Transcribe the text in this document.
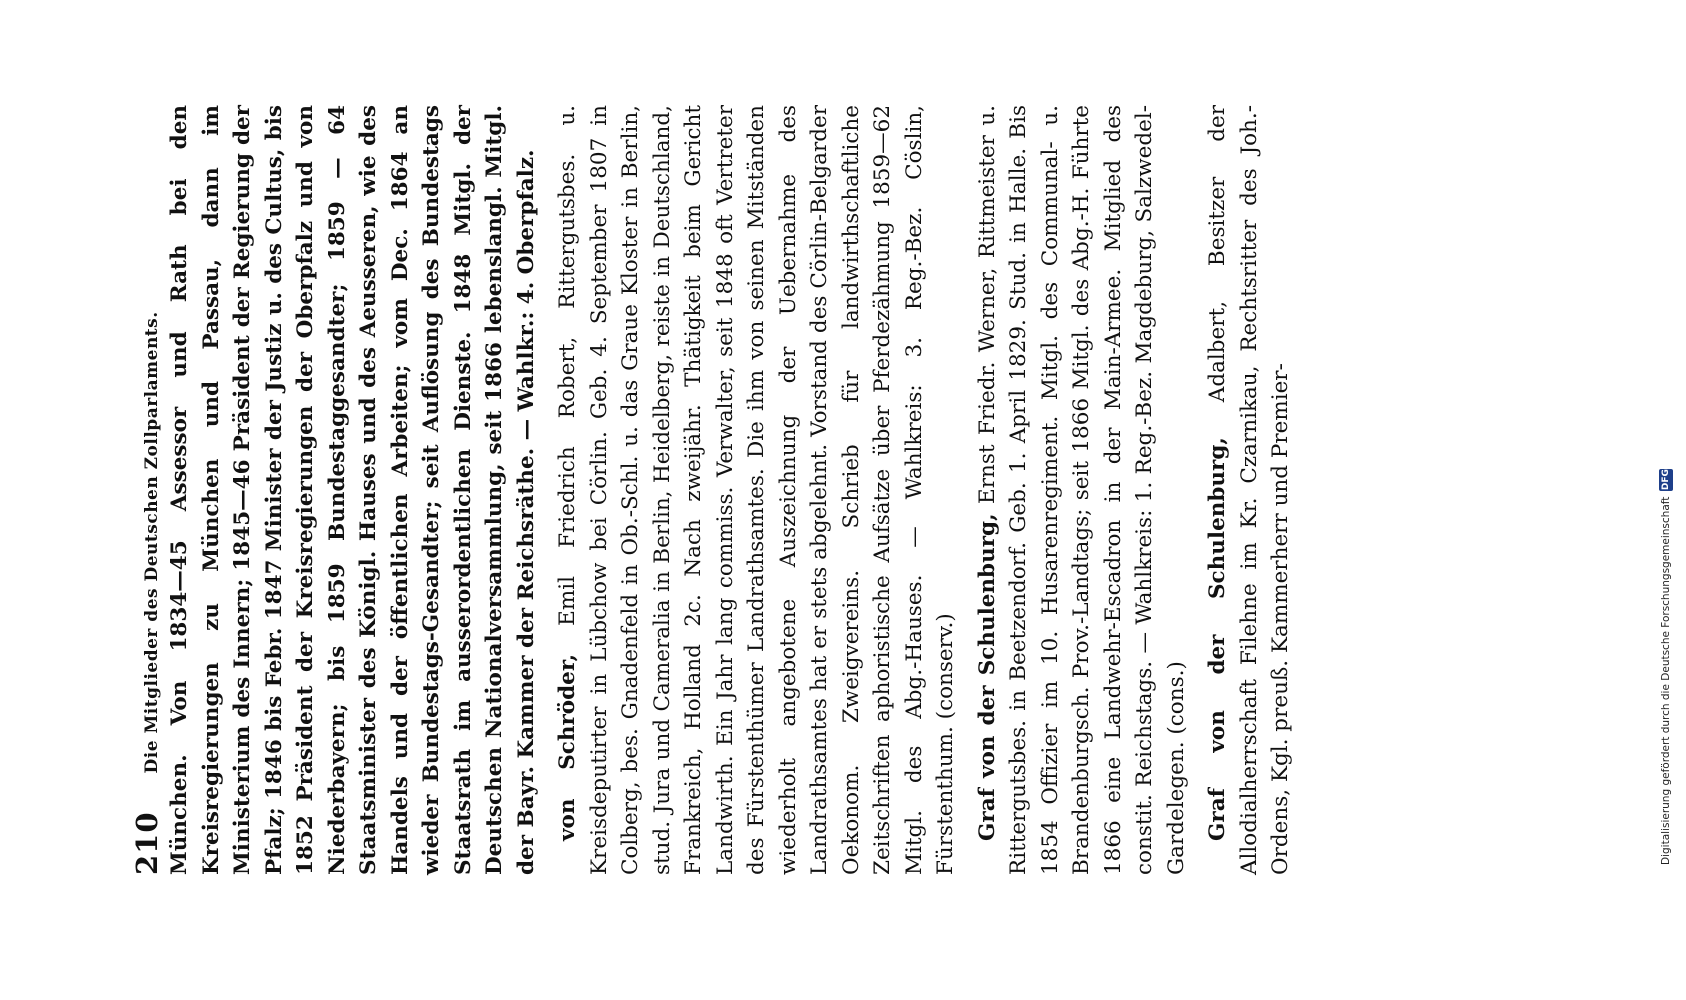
210
Die Mitglieder des Deutschen Zollparlaments. München. Von 1834—45 Assessor und Rath bei den Kreisregierungen zu München und Passau, dann im Ministerium des Innern; 1845—46 Präsident der Regierung der Pfalz; 1846 bis Febr. 1847 Minister der Justiz u. des Cultus, bis 1852 Präsident der Kreisregierungen der Oberpfalz und von Niederbayern; bis 1859 Bundestaggesandter; 1859 — 64 Staatsminister des Königl. Hauses und des Aeusseren, wie des Handels und der öffentlichen Arbeiten; vom Dec. 1864 an wieder Bundestags-Gesandter; seit Auflösung des Bundestags Staatsrath im ausserordentlichen Dienste. 1848 Mitgl. der Deutschen Nationalversammlung, seit 1866 lebenslangl. Mitgl. der Bayr. Kammer der Reichsräthe. — Wahlkr.: 4. Oberpfalz. von Schröder, Emil Friedrich Robert, Rittergutsbes. u. Kreisdeputirter in Lübchow bei Cörlin. Geb. 4. September 1807 in Colberg, bes. Gnadenfeld in Ob.-Schl. u. das Graue Kloster in Berlin, stud. Jura und Cameralia in Berlin, Heidelberg, reiste in Deutschland, Frankreich, Holland 2c. Nach zweijähr. Thätigkeit beim Gericht Landwirth. Ein Jahr lang commiss. Verwalter, seit 1848 oft Vertreter des Fürstenthümer Landrathsamtes. Die ihm von seinen Mitständen wiederholt angebotene Auszeichnung der Uebernahme des Landrathsamtes hat er stets abgelehnt. Vorstand des Cörlin-Belgarder Oekonom. Zweigvereins. Schrieb für landwirthschaftliche Zeitschriften aphoristische Aufsätze über Pferdezähmung 1859—62 Mitgl. des Abg.-Hauses. — Wahlkreis: 3. Reg.-Bez. Cöslin, Fürstenthum. (conserv.) Graf von der Schulenburg, Ernst Friedr. Werner, Rittmeister u. Rittergutsbes. in Beetzendorf. Geb. 1. April 1829. Stud. in Halle. Bis 1854 Offizier im 10. Husarenregiment. Mitgl. des Communal- u. Brandenburgsch. Prov.-Landtags; seit 1866 Mitgl. des Abg.-H. Führte 1866 eine Landwehr-Escadron in der Main-Armee. Mitglied des constit. Reichstags. — Wahlkreis: 1. Reg.-Bez. Magdeburg, Salzwedel-Gardelegen. (cons.) Graf von der Schulenburg, Adalbert, Besitzer der Allodialherrschaft Filehne im Kr. Czarnikau, Rechtsritter des Joh.-Ordens, Kgl. preuß. Kammerherr und Premier-	Digitalisierung gefördert durch die Deutsche Forschungsgemeinschaft
DFG
